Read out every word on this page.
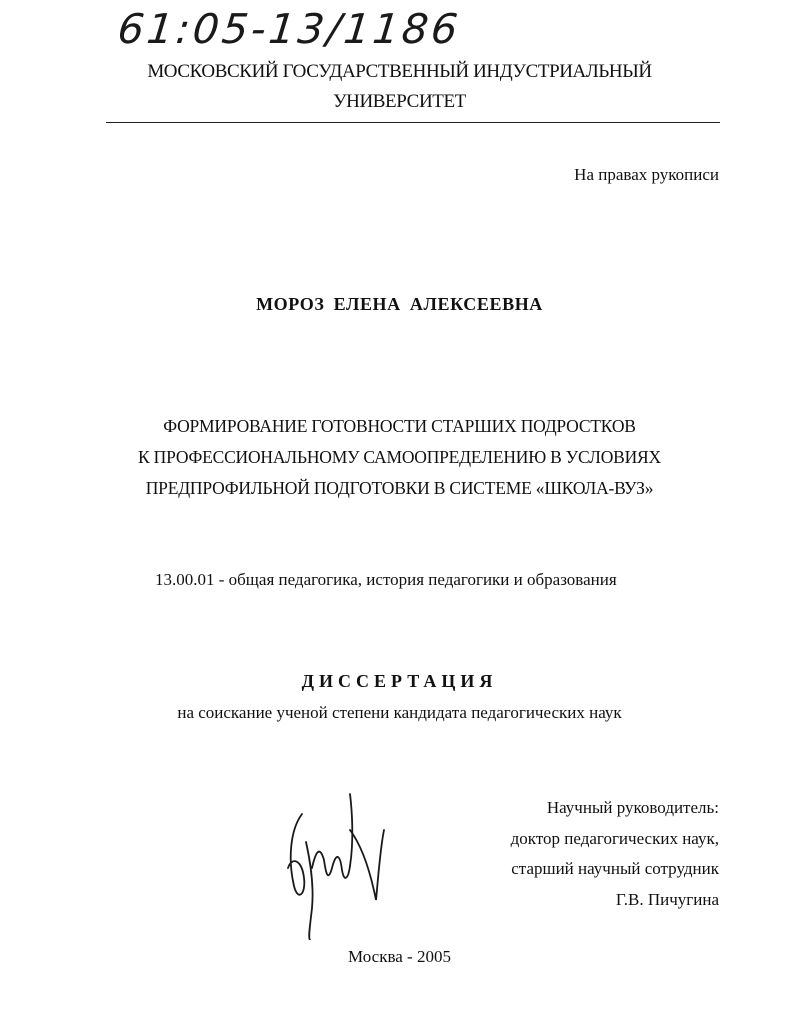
61:05-13/1186
МОСКОВСКИЙ ГОСУДАРСТВЕННЫЙ ИНДУСТРИАЛЬНЫЙ
УНИВЕРСИТЕТ
На правах рукописи
МОРОЗ ЕЛЕНА АЛЕКСЕЕВНА
ФОРМИРОВАНИЕ ГОТОВНОСТИ СТАРШИХ ПОДРОСТКОВ
К ПРОФЕССИОНАЛЬНОМУ САМООПРЕДЕЛЕНИЮ В УСЛОВИЯХ
ПРЕДПРОФИЛЬНОЙ ПОДГОТОВКИ В СИСТЕМЕ «ШКОЛА-ВУЗ»
13.00.01 - общая педагогика, история педагогики и образования
ДИССЕРТАЦИЯ
на соискание ученой степени кандидата педагогических наук
Научный руководитель:
доктор педагогических наук,
старший научный сотрудник
Г.В. Пичугина
Москва - 2005
